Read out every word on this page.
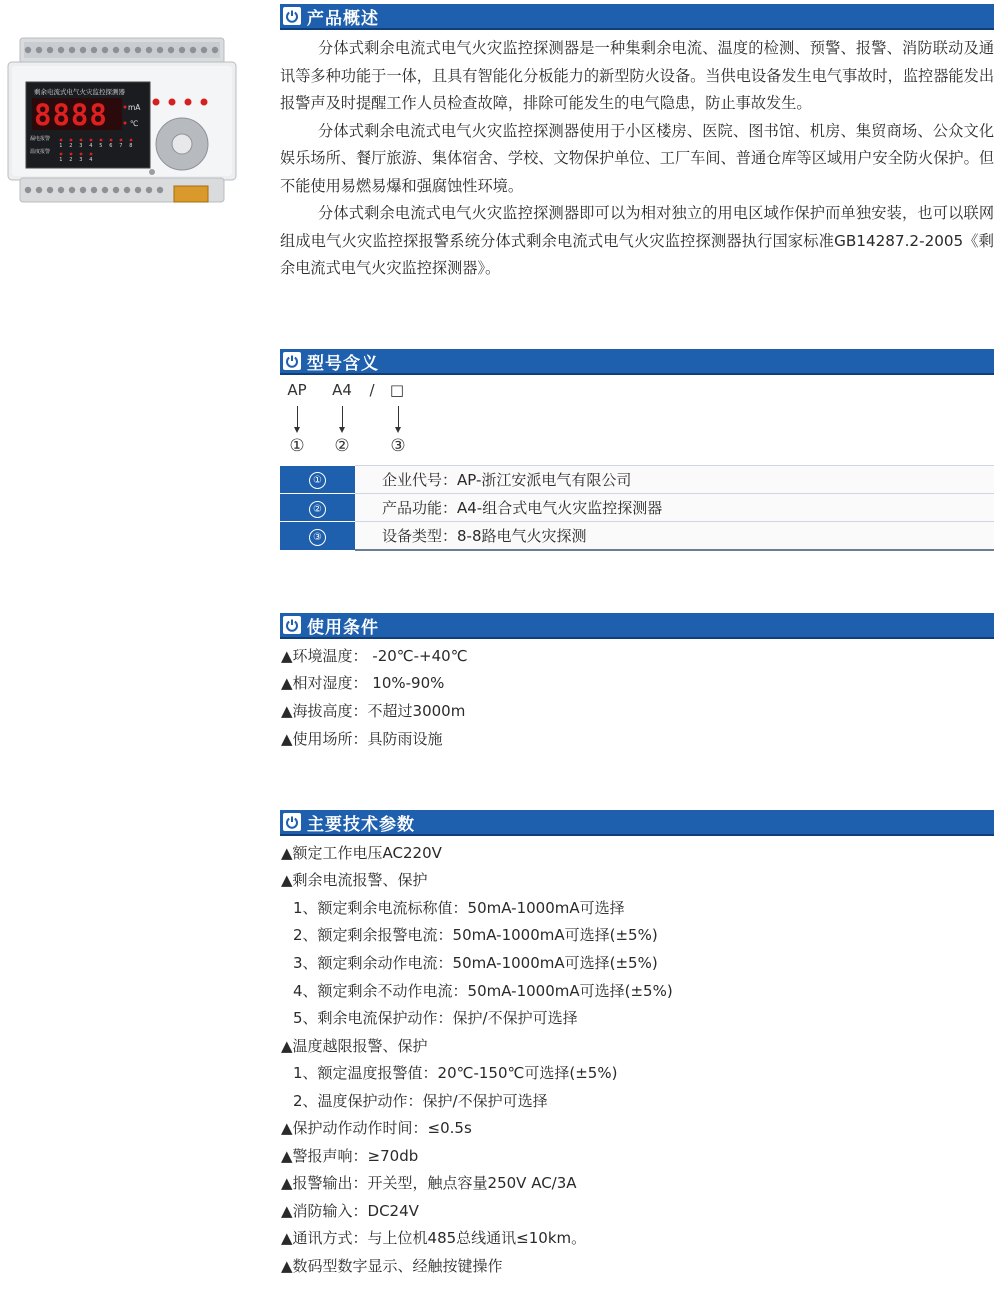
剩余电流式电气火灾监控探测器
8888	mA
℃
漏电报警
温度报警
1 2 3 4 5 6 7 8
1 2 3 4
产品概述

分体式剩余电流式电气火灾监控探测器是一种集剩余电流、温度的检测、预警、报警、消防联动及通讯等多种功能于一体，且具有智能化分板能力的新型防火设备。当供电设备发生电气事故时，监控器能发出报警声及时提醒工作人员检查故障，排除可能发生的电气隐患，防止事故发生。

分体式剩余电流式电气火灾监控探测器使用于小区楼房、医院、图书馆、机房、集贸商场、公众文化娱乐场所、餐厅旅游、集体宿舍、学校、文物保护单位、工厂车间、普通仓库等区域用户安全防火保护。但不能使用易燃易爆和强腐蚀性环境。

分体式剩余电流式电气火灾监控探测器即可以为相对独立的用电区域作保护而单独安装，也可以联网组成电气火灾监控探报警系统分体式剩余电流式电气火灾监控探测器执行国家标准GB14287.2-2005《剩余电流式电气火灾监控探测器》。

型号含义
AP A4 / □
① ② ③
①	企业代号：AP-浙江安派电气有限公司
②	产品功能：A4-组合式电气火灾监控探测器
③	设备类型：8-8路电气火灾探测
使用条件
▲环境温度： -20℃-+40℃
▲相对湿度： 10%-90%
▲海拔高度：不超过3000m
▲使用场所：具防雨设施
主要技术参数
▲额定工作电压AC220V
▲剩余电流报警、保护
1、额定剩余电流标称值：50mA-1000mA可选择
2、额定剩余报警电流：50mA-1000mA可选择(±5%)
3、额定剩余动作电流：50mA-1000mA可选择(±5%)
4、额定剩余不动作电流：50mA-1000mA可选择(±5%)
5、剩余电流保护动作：保护/不保护可选择
▲温度越限报警、保护
1、额定温度报警值：20℃-150℃可选择(±5%)
2、温度保护动作：保护/不保护可选择
▲保护动作动作时间：≤0.5s
▲警报声响：≥70db
▲报警输出：开关型，触点容量250V AC/3A
▲消防输入：DC24V
▲通讯方式：与上位机485总线通讯≤10km。
▲数码型数字显示、经触按键操作
